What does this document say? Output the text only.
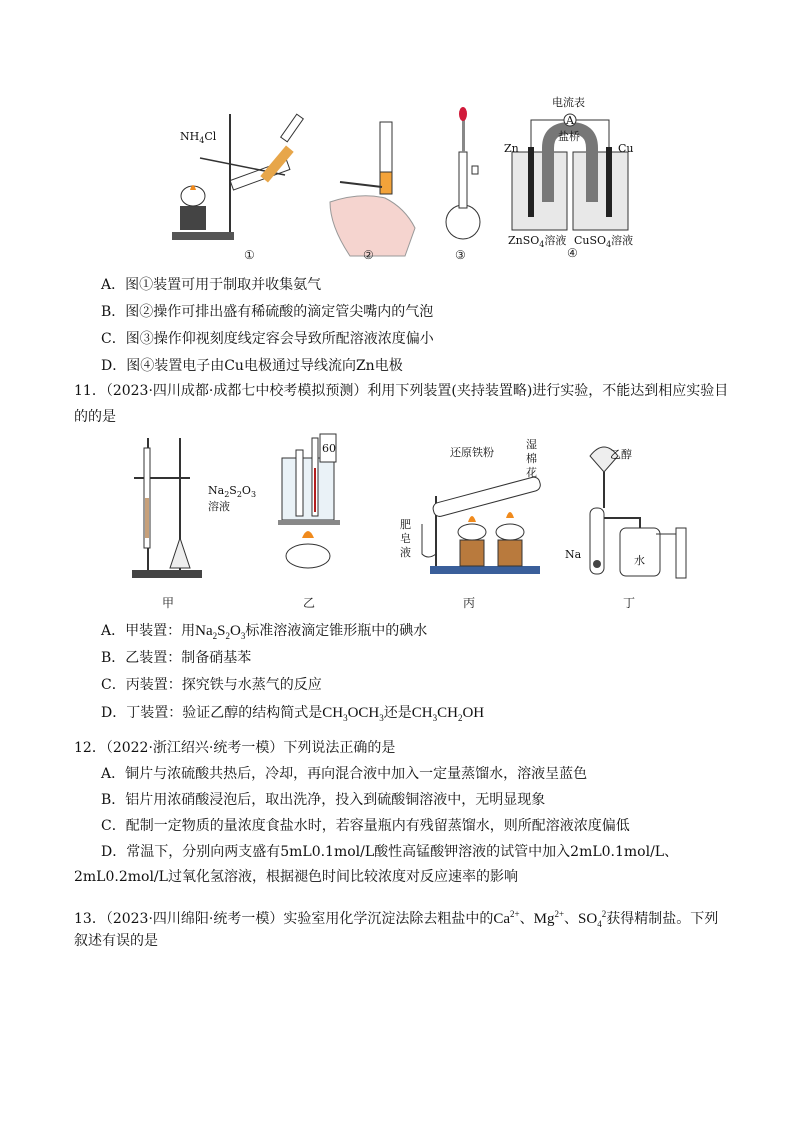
$NH_4Cl$
A
电流表
盐桥
Zn	Cu
ZnSO$_4$溶液 CuSO$_4$溶液
①	②	③	④
A．图①装置可用于制取并收集氨气
B．图②操作可排出盛有稀硫酸的滴定管尖嘴内的气泡
C．图③操作仰视刻度线定容会导致所配溶液浓度偏小
D．图④装置电子由Cu电极通过导线流向Zn电极
11．（2023·四川成都·成都七中校考模拟预测）利用下列装置(夹持装置略)进行实验，不能达到相应实验目
的的是
$Na_2S_2O_3$
溶液
60	还原铁粉
湿
棉
花
肥
皂
液
乙醇
Na	水
甲	乙	丙	丁
A．甲装置：用$Na_2S_2O_3$标准溶液滴定锥形瓶中的碘水
B．乙装置：制备硝基苯
C．丙装置：探究铁与水蒸气的反应
D．丁装置：验证乙醇的结构简式是$CH_3OCH_3$还是$CH_3CH_2OH$
12．（2022·浙江绍兴·统考一模）下列说法正确的是
A．铜片与浓硫酸共热后，冷却，再向混合液中加入一定量蒸馏水，溶液呈蓝色
B．铝片用浓硝酸浸泡后，取出洗净，投入到硫酸铜溶液中，无明显现象
C．配制一定物质的量浓度食盐水时，若容量瓶内有残留蒸馏水，则所配溶液浓度偏低
D．常温下，分别向两支盛有5mL0.1mol/L酸性高锰酸钾溶液的试管中加入2mL0.1mol/L、
2mL0.2mol/L过氧化氢溶液，根据褪色时间比较浓度对反应速率的影响
13．（2023·四川绵阳·统考一模）实验室用化学沉淀法除去粗盐中的$Ca^{2+}$、$Mg^{2+}$、$SO_4^2$获得精制盐。下列
叙述有误的是
